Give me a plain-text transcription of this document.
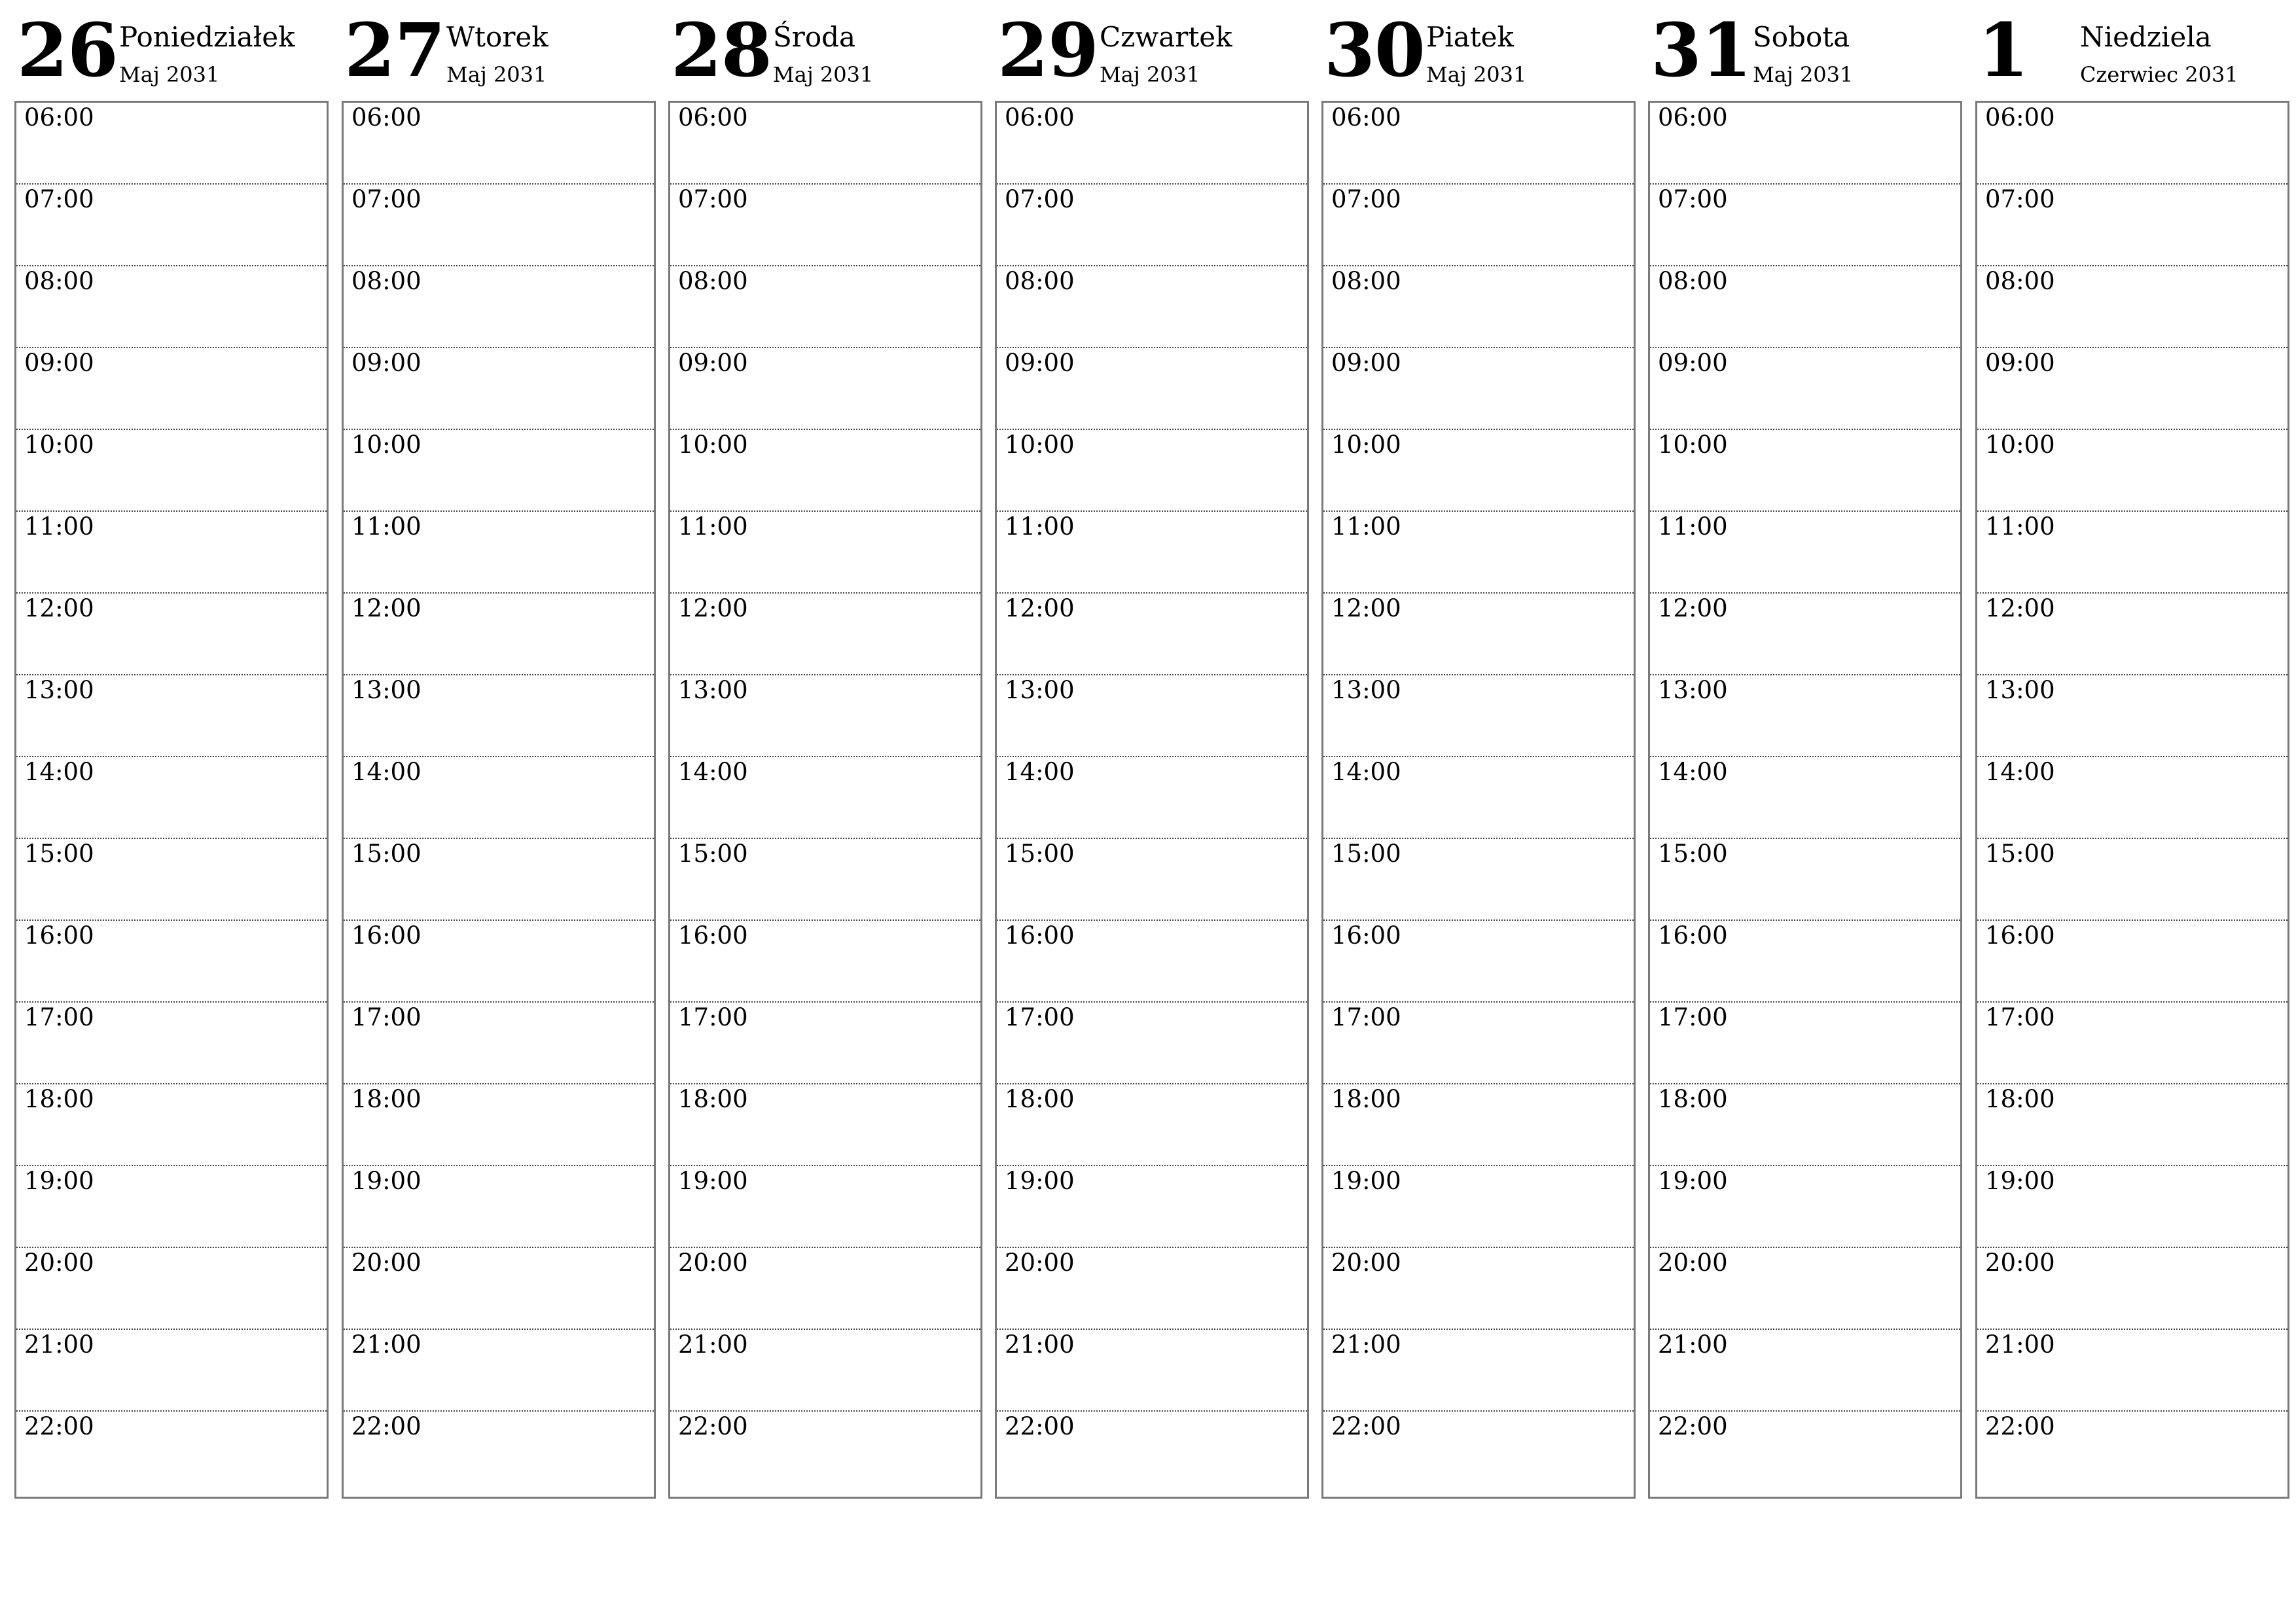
26 Poniedziałek
Maj 2031
06:00
07:00
08:00
09:00
10:00
11:00
12:00
13:00
14:00
15:00
16:00
17:00
18:00
19:00
20:00
21:00
22:00
27 Wtorek
Maj 2031
06:00
07:00
08:00
09:00
10:00
11:00
12:00
13:00
14:00
15:00
16:00
17:00
18:00
19:00
20:00
21:00
22:00
28 Środa
Maj 2031
06:00
07:00
08:00
09:00
10:00
11:00
12:00
13:00
14:00
15:00
16:00
17:00
18:00
19:00
20:00
21:00
22:00
29 Czwartek
Maj 2031
06:00
07:00
08:00
09:00
10:00
11:00
12:00
13:00
14:00
15:00
16:00
17:00
18:00
19:00
20:00
21:00
22:00
30 Piatek
Maj 2031
06:00
07:00
08:00
09:00
10:00
11:00
12:00
13:00
14:00
15:00
16:00
17:00
18:00
19:00
20:00
21:00
22:00
31 Sobota
Maj 2031
06:00
07:00
08:00
09:00
10:00
11:00
12:00
13:00
14:00
15:00
16:00
17:00
18:00
19:00
20:00
21:00
22:00
1 Niedziela
Czerwiec 2031
06:00
07:00
08:00
09:00
10:00
11:00
12:00
13:00
14:00
15:00
16:00
17:00
18:00
19:00
20:00
21:00
22:00
